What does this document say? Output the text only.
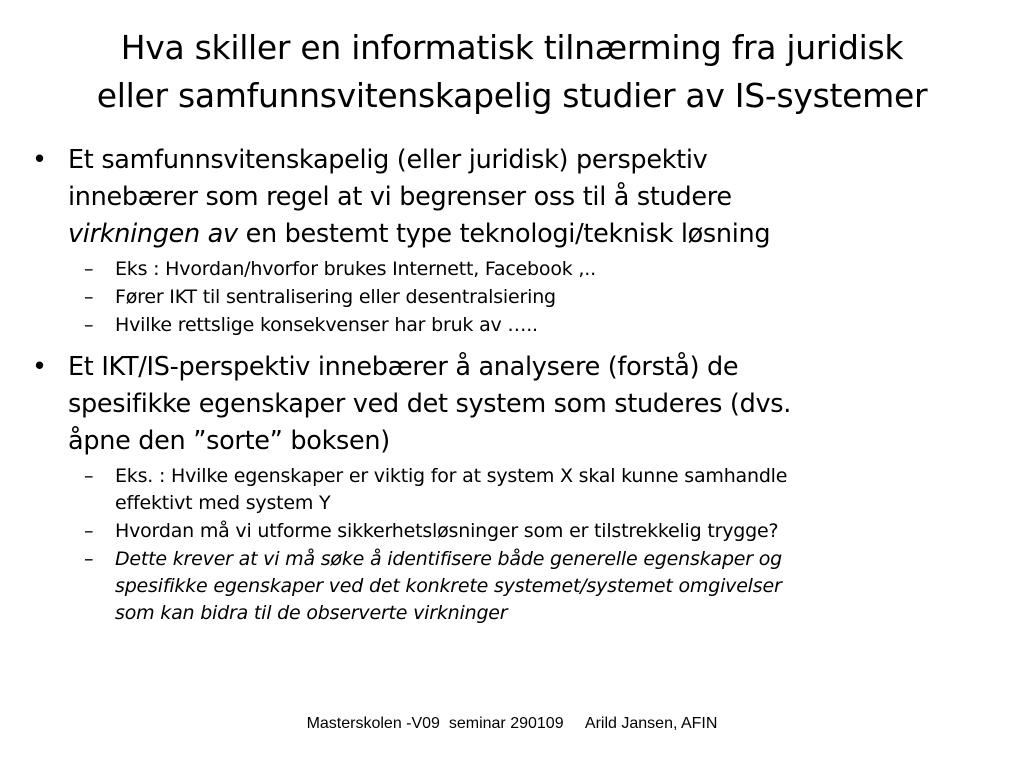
Hva skiller en informatisk tilnærming fra juridisk
eller samfunnsvitenskapelig studier av IS-systemer
• Et samfunnsvitenskapelig (eller juridisk) perspektiv
innebærer som regel at vi begrenser oss til å studere
virkningen av en bestemt type teknologi/teknisk løsning
– Eks : Hvordan/hvorfor brukes Internett, Facebook ,..
– Fører IKT til sentralisering eller desentralsiering
– Hvilke rettslige konsekvenser har bruk av …..
• Et IKT/IS-perspektiv innebærer å analysere (forstå) de
spesifikke egenskaper ved det system som studeres (dvs.
åpne den ”sorte” boksen)
– Eks. : Hvilke egenskaper er viktig for at system X skal kunne samhandle
effektivt med system Y
– Hvordan må vi utforme sikkerhetsløsninger som er tilstrekkelig trygge?
– Dette krever at vi må søke å identifisere både generelle egenskaper og
spesifikke egenskaper ved det konkrete systemet/systemet omgivelser
som kan bidra til de observerte virkninger
Masterskolen -V09  seminar 290109     Arild Jansen, AFIN
